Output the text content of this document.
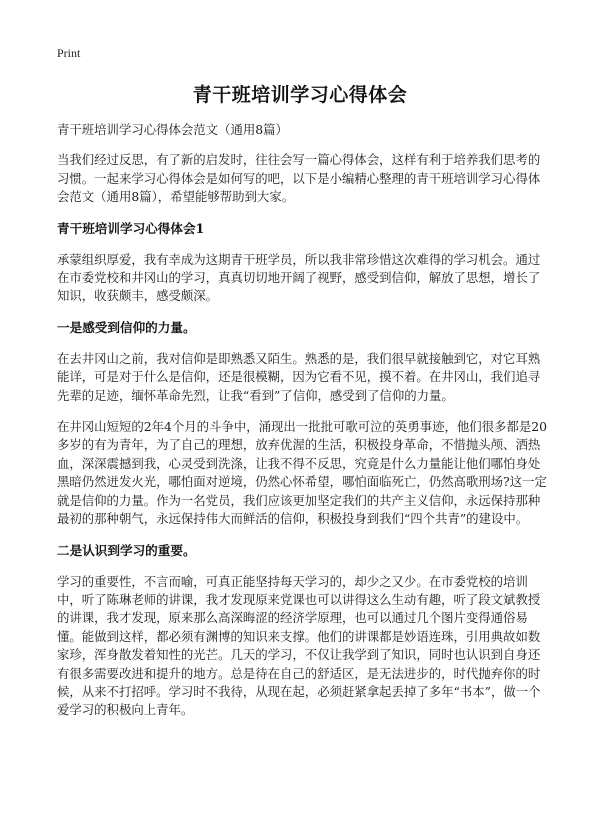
Print
青干班培训学习心得体会

青干班培训学习心得体会范文（通用8篇）

当我们经过反思，有了新的启发时，往往会写一篇心得体会，这样有利于培养我们思考的习惯。一起来学习心得体会是如何写的吧，以下是小编精心整理的青干班培训学习心得体会范文（通用8篇），希望能够帮助到大家。

青干班培训学习心得体会1

承蒙组织厚爱，我有幸成为这期青干班学员，所以我非常珍惜这次难得的学习机会。通过在市委党校和井冈山的学习，真真切切地开阔了视野，感受到信仰，解放了思想，增长了知识，收获颇丰，感受颇深。

一是感受到信仰的力量。

在去井冈山之前，我对信仰是即熟悉又陌生。熟悉的是，我们很早就接触到它，对它耳熟能详，可是对于什么是信仰，还是很模糊，因为它看不见，摸不着。在井冈山，我们追寻先辈的足迹，缅怀革命先烈，让我“看到”了信仰，感受到了信仰的力量。

在井冈山短短的2年4个月的斗争中，涌现出一批批可歌可泣的英勇事迹，他们很多都是20多岁的有为青年，为了自己的理想，放弃优渥的生活，积极投身革命，不惜抛头颅、洒热血，深深震撼到我，心灵受到洗涤，让我不得不反思，究竟是什么力量能让他们哪怕身处黑暗仍然迸发火光，哪怕面对逆境，仍然心怀希望，哪怕面临死亡，仍然高歌刑场?这一定就是信仰的力量。作为一名党员，我们应该更加坚定我们的共产主义信仰，永远保持那种最初的那种朝气，永远保持伟大而鲜活的信仰，积极投身到我们“四个共青”的建设中。

二是认识到学习的重要。

学习的重要性，不言而喻，可真正能坚持每天学习的，却少之又少。在市委党校的培训中，听了陈琳老师的讲课，我才发现原来党课也可以讲得这么生动有趣，听了段文斌教授的讲课，我才发现，原来那么高深晦涩的经济学原理，也可以通过几个图片变得通俗易懂。能做到这样，都必须有渊博的知识来支撑。他们的讲课都是妙语连珠，引用典故如数家珍，浑身散发着知性的光芒。几天的学习，不仅让我学到了知识，同时也认识到自身还有很多需要改进和提升的地方。总是待在自己的舒适区，是无法进步的，时代抛弃你的时候，从来不打招呼。学习时不我待，从现在起，必须赶紧拿起丢掉了多年“书本”，做一个爱学习的积极向上青年。
